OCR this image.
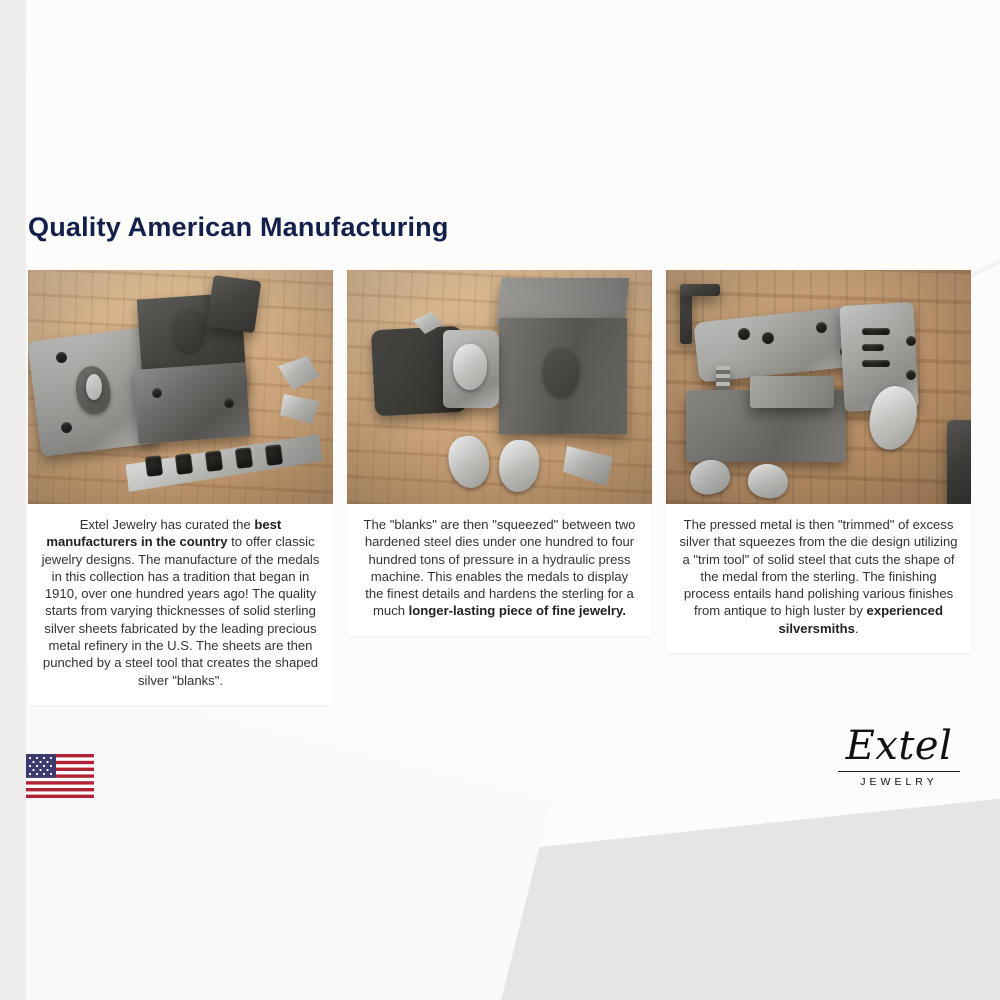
Quality American Manufacturing
Extel Jewelry has curated the best manufacturers in the country to offer classic jewelry designs. The manufacture of the medals in this collection has a tradition that began in 1910, over one hundred years ago! The quality starts from varying thicknesses of solid sterling silver sheets fabricated by the leading precious metal refinery in the U.S. The sheets are then punched by a steel tool that creates the shaped silver "blanks".
The "blanks" are then "squeezed" between two hardened steel dies under one hundred to four hundred tons of pressure in a hydraulic press machine. This enables the medals to display the finest details and hardens the sterling for a much longer-lasting piece of fine jewelry.
The pressed metal is then "trimmed" of excess silver that squeezes from the die design utilizing a "trim tool" of solid steel that cuts the shape of the medal from the sterling. The finishing process entails hand polishing various finishes from antique to high luster by experienced silversmiths.
Extel
JEWELRY
